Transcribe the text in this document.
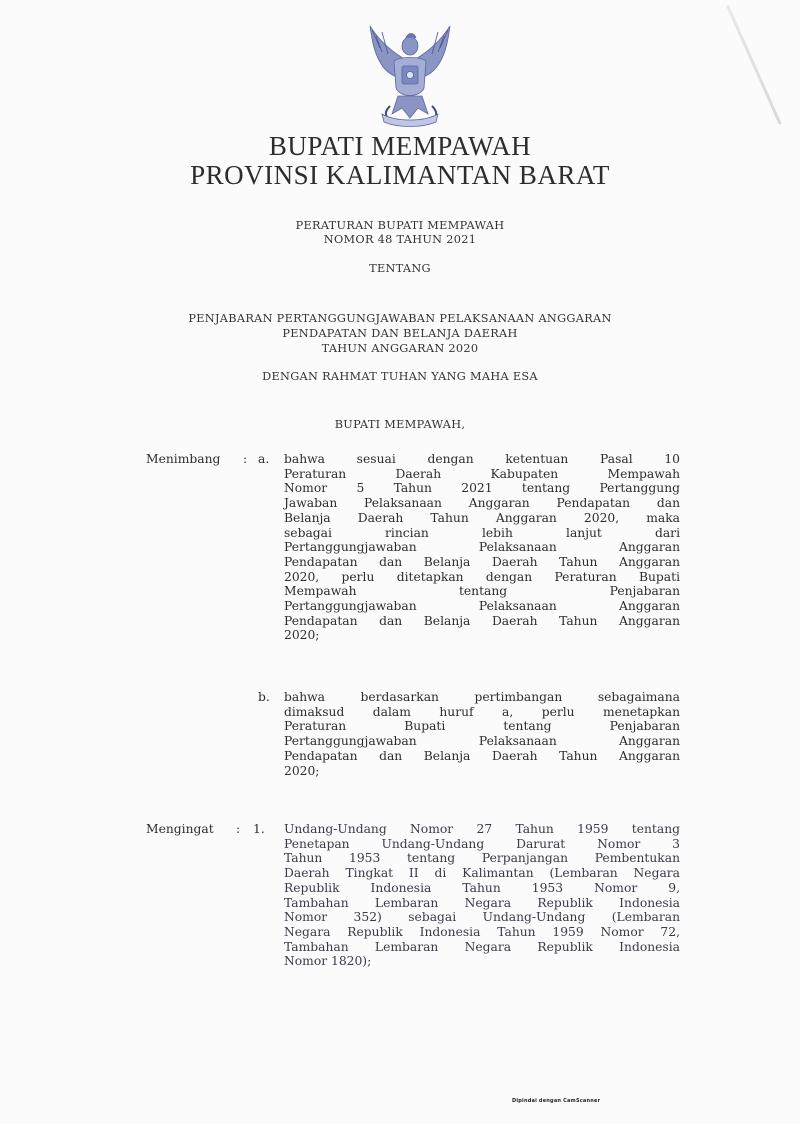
BUPATI MEMPAWAH
PROVINSI KALIMANTAN BARAT
PERATURAN BUPATI MEMPAWAH
NOMOR 48 TAHUN 2021
TENTANG
PENJABARAN PERTANGGUNGJAWABAN PELAKSANAAN ANGGARAN
PENDAPATAN DAN BELANJA DAERAH
TAHUN ANGGARAN 2020
DENGAN RAHMAT TUHAN YANG MAHA ESA
BUPATI MEMPAWAH,
Menimbang : a. bahwa sesuai dengan ketentuan Pasal 10
Peraturan Daerah Kabupaten Mempawah
Nomor 5 Tahun 2021 tentang Pertanggung
Jawaban Pelaksanaan Anggaran Pendapatan dan
Belanja Daerah Tahun Anggaran 2020, maka
sebagai rincian lebih lanjut dari
Pertanggungjawaban Pelaksanaan Anggaran
Pendapatan dan Belanja Daerah Tahun Anggaran
2020, perlu ditetapkan dengan Peraturan Bupati
Mempawah tentang Penjabaran
Pertanggungjawaban Pelaksanaan Anggaran
Pendapatan dan Belanja Daerah Tahun Anggaran
2020;
b. bahwa berdasarkan pertimbangan sebagaimana
dimaksud dalam huruf a, perlu menetapkan
Peraturan Bupati tentang Penjabaran
Pertanggungjawaban Pelaksanaan Anggaran
Pendapatan dan Belanja Daerah Tahun Anggaran
2020;
Mengingat : 1. Undang-Undang Nomor 27 Tahun 1959 tentang
Penetapan Undang-Undang Darurat Nomor 3
Tahun 1953 tentang Perpanjangan Pembentukan
Daerah Tingkat II di Kalimantan (Lembaran Negara
Republik Indonesia Tahun 1953 Nomor 9,
Tambahan Lembaran Negara Republik Indonesia
Nomor 352) sebagai Undang-Undang (Lembaran
Negara Republik Indonesia Tahun 1959 Nomor 72,
Tambahan Lembaran Negara Republik Indonesia
Nomor 1820);
Dipindai dengan CamScanner
